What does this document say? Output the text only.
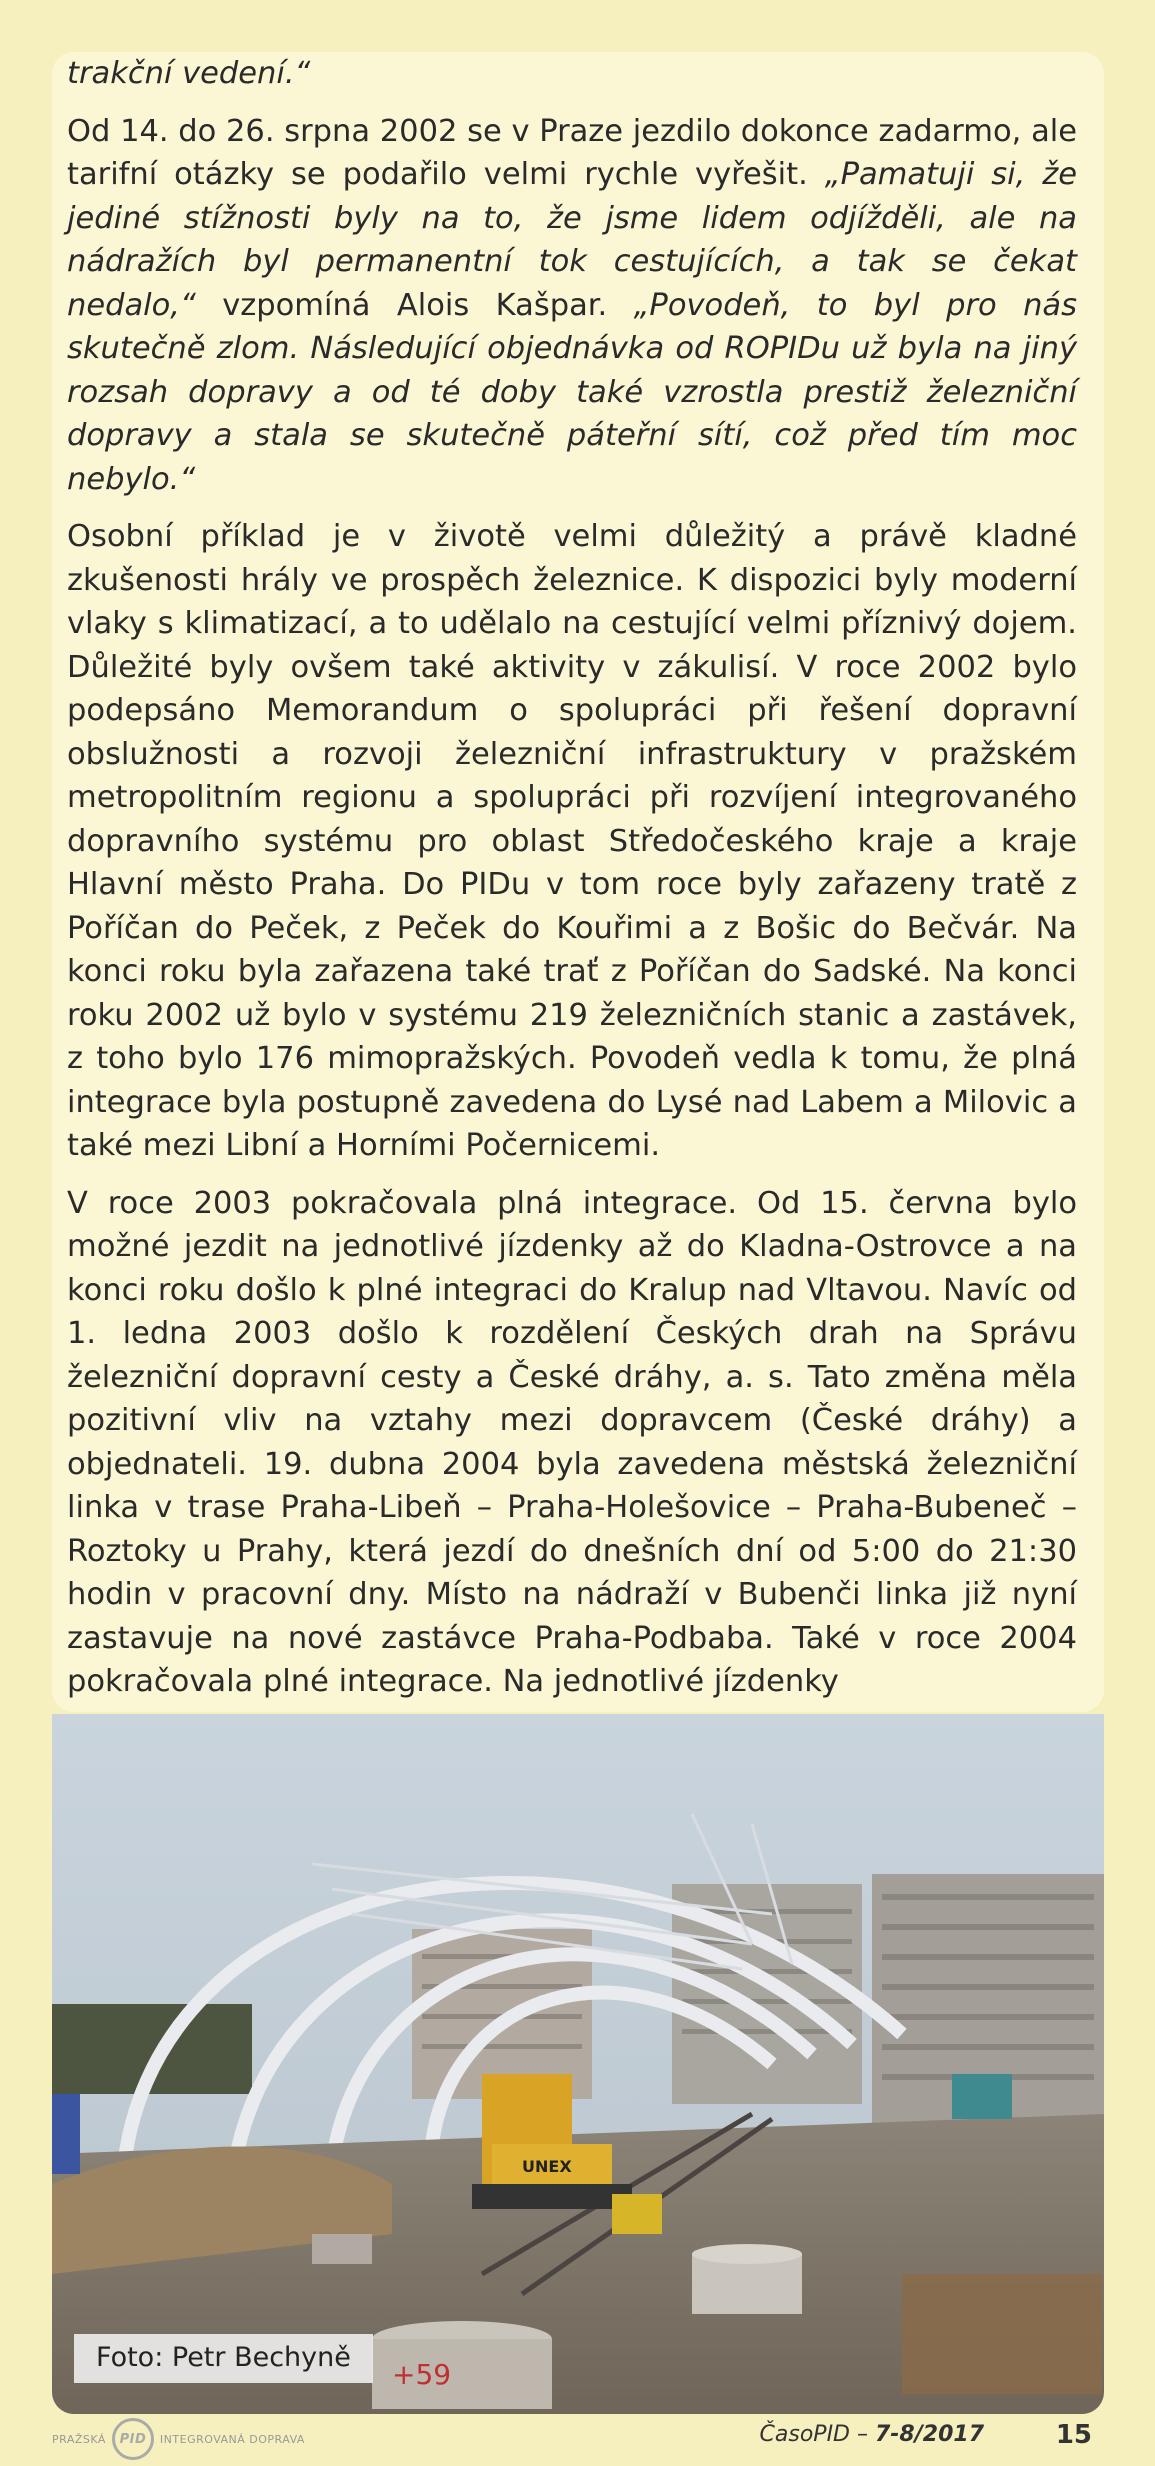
trakční vedení.“

Od 14. do 26. srpna 2002 se v Praze jezdilo dokonce zadarmo, ale tarifní otázky se podařilo velmi rychle vyřešit. „Pamatuji si, že jediné stížnosti byly na to, že jsme lidem odjížděli, ale na nádražích byl permanentní tok cestujících, a tak se čekat nedalo,“ vzpomíná Alois Kašpar. „Povodeň, to byl pro nás skutečně zlom. Následující objednávka od ROPIDu už byla na jiný rozsah dopravy a od té doby také vzrostla prestiž železniční dopravy a stala se skutečně páteřní sítí, což před tím moc nebylo.“

Osobní příklad je v životě velmi důležitý a právě kladné zkušenosti hrály ve prospěch železnice. K dispozici byly moderní vlaky s klimatizací, a to udělalo na cestující velmi příznivý dojem. Důležité byly ovšem také aktivity v zákulisí. V roce 2002 bylo podepsáno Memorandum o spolupráci při řešení dopravní obslužnosti a rozvoji železniční infrastruktury v pražském metropolitním regionu a spolupráci při rozvíjení integrovaného dopravního systému pro oblast Středočeského kraje a kraje Hlavní město Praha. Do PIDu v tom roce byly zařazeny tratě z Poříčan do Peček, z Peček do Kouřimi a z Bošic do Bečvár. Na konci roku byla zařazena také trať z Poříčan do Sadské. Na konci roku 2002 už bylo v systému 219 železničních stanic a zastávek, z toho bylo 176 mimopražských. Povodeň vedla k tomu, že plná integrace byla postupně zavedena do Lysé nad Labem a Milovic a také mezi Libní a Horními Počernicemi.

V roce 2003 pokračovala plná integrace. Od 15. června bylo možné jezdit na jednotlivé jízdenky až do Kladna-Ostrovce a na konci roku došlo k plné integraci do Kralup nad Vltavou. Navíc od 1. ledna 2003 došlo k rozdělení Českých drah na Správu železniční dopravní cesty a České dráhy, a. s. Tato změna měla pozitivní vliv na vztahy mezi dopravcem (České dráhy) a objednateli. 19. dubna 2004 byla zavedena městská železniční linka v trase Praha-Libeň – Praha-Holešovice – Praha-Bubeneč – Roztoky u Prahy, která jezdí do dnešních dní od 5:00 do 21:30 hodin v pracovní dny. Místo na nádraží v Bubenči linka již nyní zastavuje na nové zastávce Praha-Podbaba. Také v roce 2004 pokračovala plné integrace. Na jednotlivé jízdenky

UNEX
+59
Foto: Petr Bechyně
PRAŽSKÁ	PID	INTEGROVANÁ DOPRAVA	ČasoPID – 7-8/2017	15
